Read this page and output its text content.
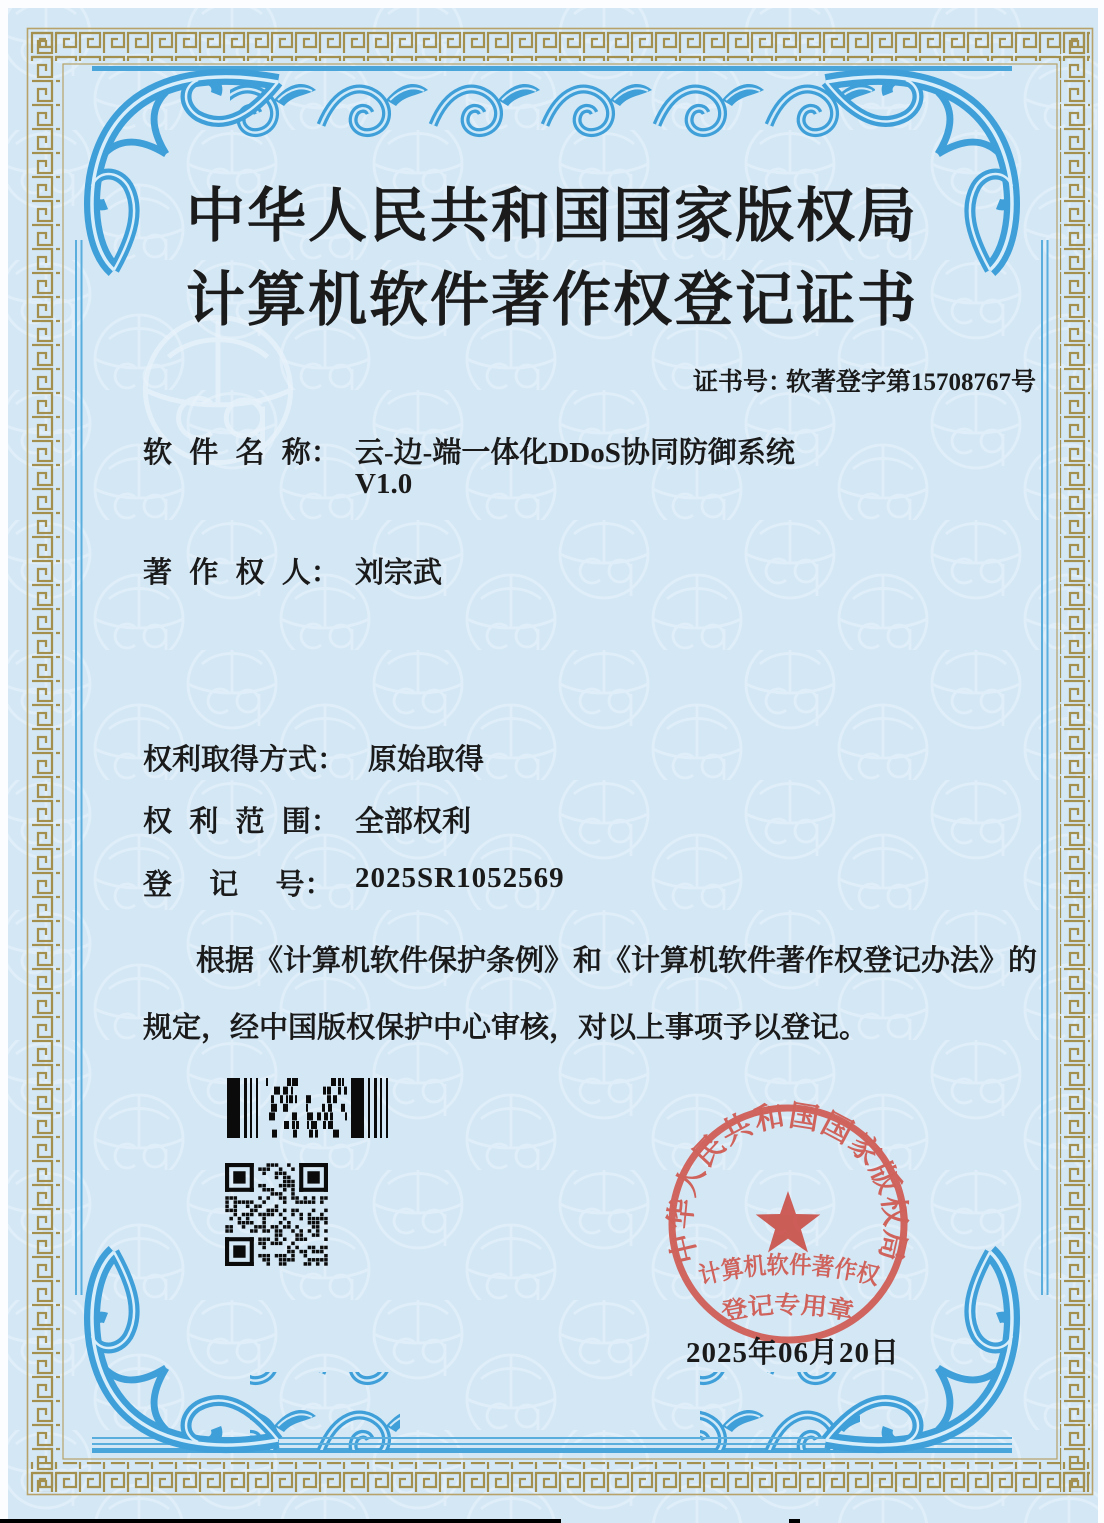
中华人民共和国国家版权局
计算机软件著作权登记证书
证书号：
软著登字第15708767号
软 件 名 称： 云-边-端一体化DDoS协同防御系统
V1.0
著 作 权 人： 刘宗武
权利取得方式： 原始取得
权 利 范 围： 全部权利
登 记 号： 2025SR1052569
根据《计算机软件保护条例》和《计算机软件著作权登记办法》的
规定，经中国版权保护中心审核，对以上事项予以登记。
中华人民共和国国家版权局
计算机软件著作权
登记专用章
2025年06月20日
